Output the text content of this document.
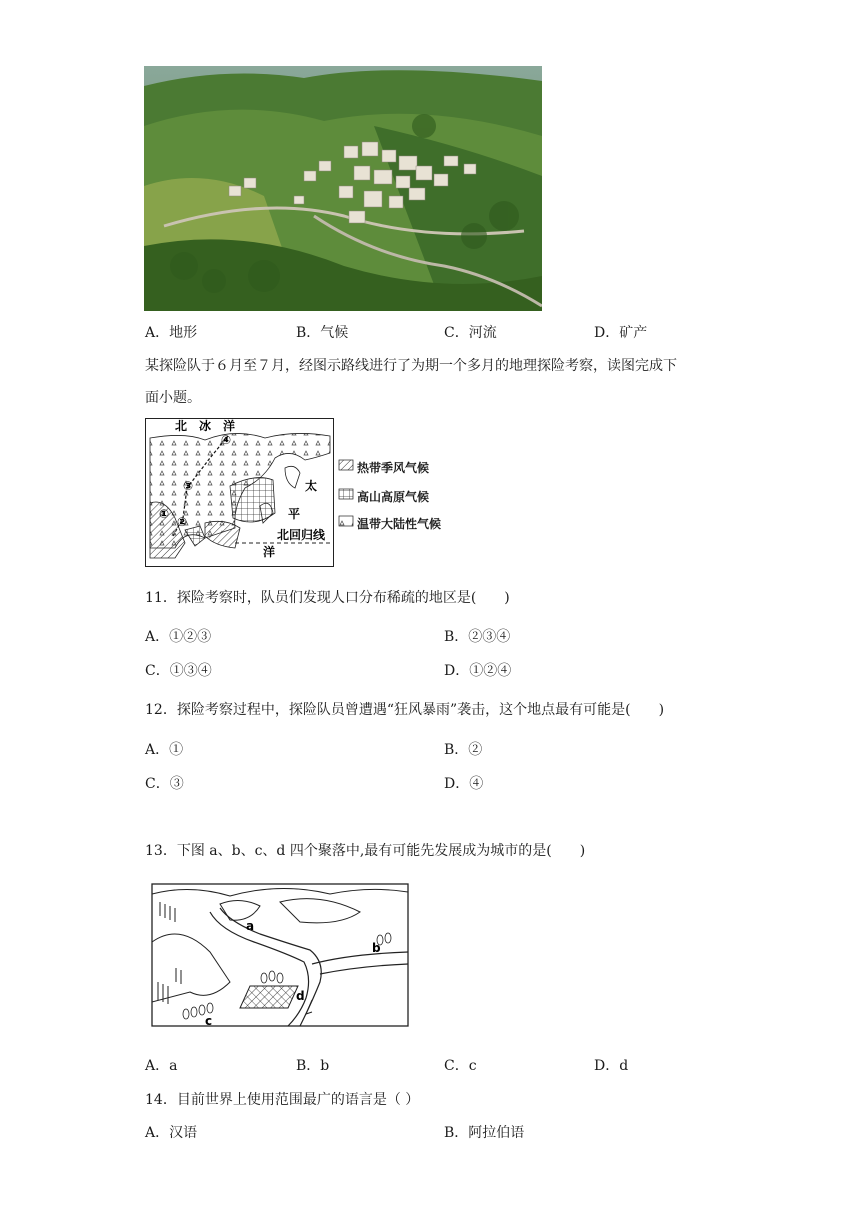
A．地形	B．气候	C．河流	D．矿产
某探险队于６月至７月，经图示路线进行了为期一个多月的地理探险考察，读图完成下
面小题。
北　冰　洋
太
平
洋
北回归线
①
②
③
④
热带季风气候
高山高原气候
温带大陆性气候
11．探险考察时，队员们发现人口分布稀疏的地区是(　　)
A．①②③	B．②③④
C．①③④	D．①②④
12．探险考察过程中，探险队员曾遭遇“狂风暴雨”袭击，这个地点最有可能是(　　)
A．①	B．②
C．③	D．④
13．下图 a、b、c、d 四个聚落中,最有可能先发展成为城市的是(　　)
a
b
c
d
A．a	B．b	C．c	D．d
14．目前世界上使用范围最广的语言是（ ）
A．汉语	B．阿拉伯语
